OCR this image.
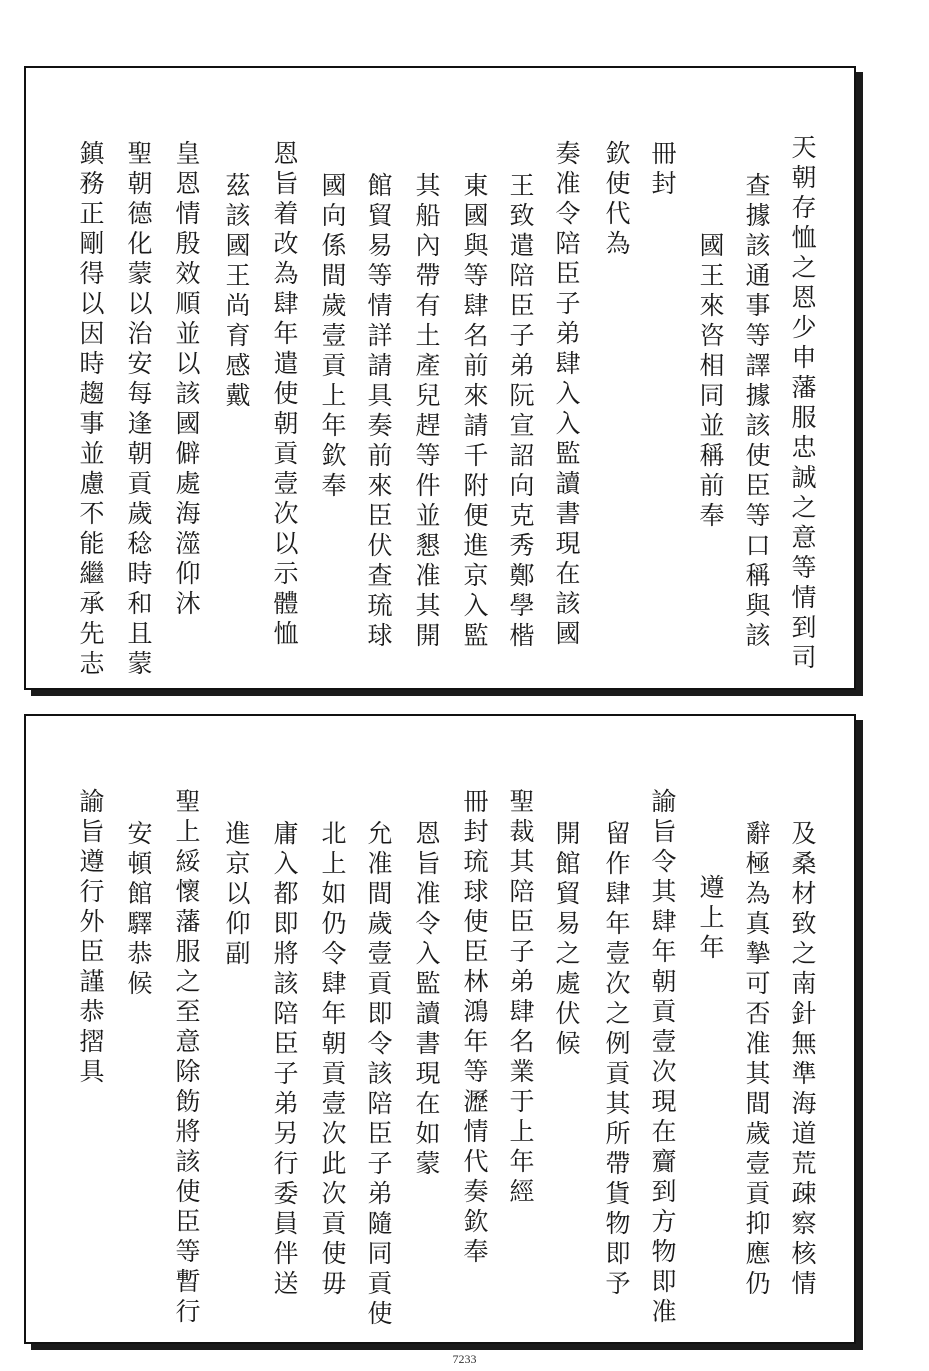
天朝存恤之恩少申藩服忠誠之意等情到司
查據該通事等譯據該使臣等口稱與該
國王來咨相同並稱前奉
冊封
欽使代為
奏准令陪臣子弟肆入入監讀書現在該國
王致遣陪臣子弟阮宣詔向克秀鄭學楷
東國與等肆名前來請千附便進京入監
其船內帶有土產兒趕等件並懇准其開
館貿易等情詳請具奏前來臣伏查琉球
國向係間歲壹貢上年欽奉
恩旨着改為肆年遣使朝貢壹次以示體恤
茲該國王尚育感戴
皇恩情殷效順並以該國僻處海澨仰沐
聖朝德化蒙以治安每逢朝貢歲稔時和且蒙
鎮務正剛得以因時趨事並慮不能繼承先志
及桑材致之南針無準海道荒疎察核情
辭極為真摯可否准其間歲壹貢抑應仍
遵上年
諭旨令其肆年朝貢壹次現在齎到方物即准
留作肆年壹次之例貢其所帶貨物即予
開館貿易之處伏候
聖裁其陪臣子弟肆名業于上年經
冊封琉球使臣林鴻年等瀝情代奏欽奉
恩旨准令入監讀書現在如蒙
允准間歲壹貢即令該陪臣子弟隨同貢使
北上如仍令肆年朝貢壹次此次貢使毋
庸入都即將該陪臣子弟另行委員伴送
進京以仰副
聖上綏懷藩服之至意除飭將該使臣等暫行
安頓館驛恭候
諭旨遵行外臣謹恭摺具
7233
